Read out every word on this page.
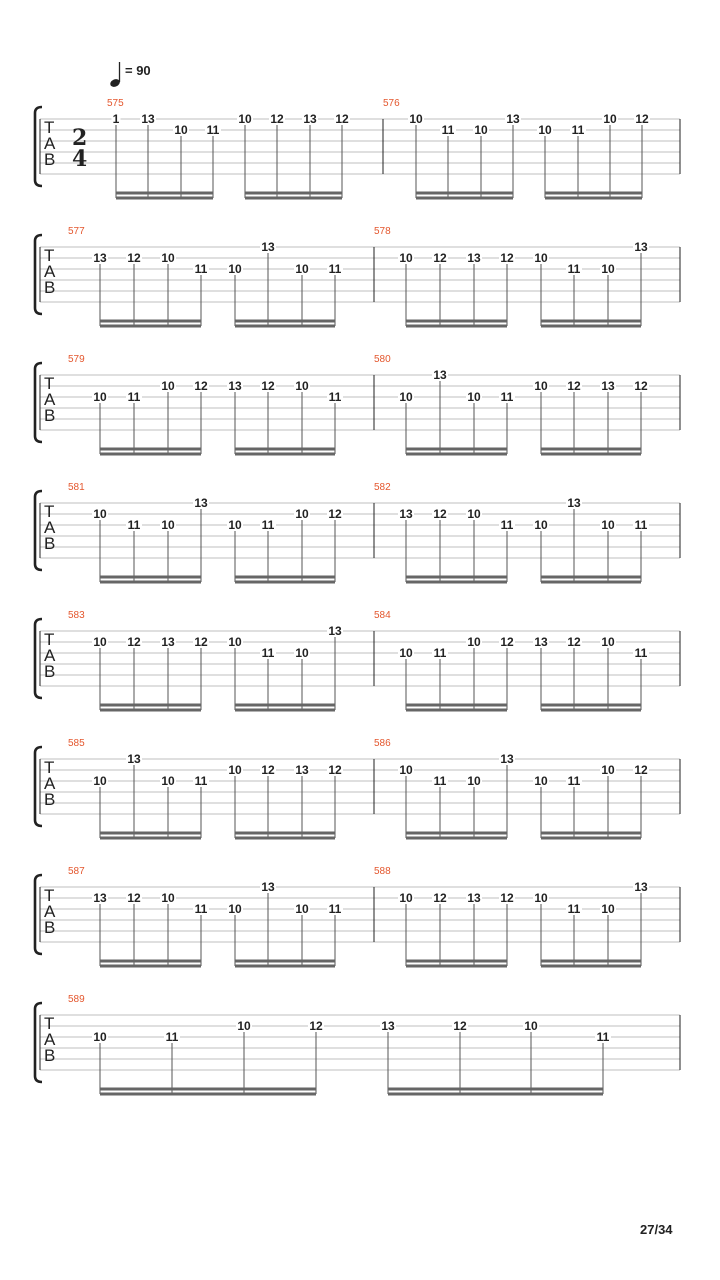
= 90
T
A
B
2
4
575
1 13
10 11
10 12 13 12
576
10
11 10
13
10 11
10 12
T
A
B
577
13 12 10
11 10
13
10 11
578
10 12 13 12 10
11 10
13
T
A
B
579
10 11
10 12 13 12 10
11
580
10
13
10 11
10 12 13 12
T
A
B
581
10
11 10
13
10 11
10 12
582
13 12 10
11 10
13
10 11
T
A
B
583
10 12 13 12 10
11 10
13
584
10 11
10 12 13 12 10
11
T
A
B
585
10
13
10 11
10 12 13 12
586
10
11 10
13
10 11
10 12
T
A
B
587
13 12 10
11 10
13
10 11
588
10 12 13 12 10
11 10
13
T
A
B
589
10	11
10	12	13	12	10
11
27/34
